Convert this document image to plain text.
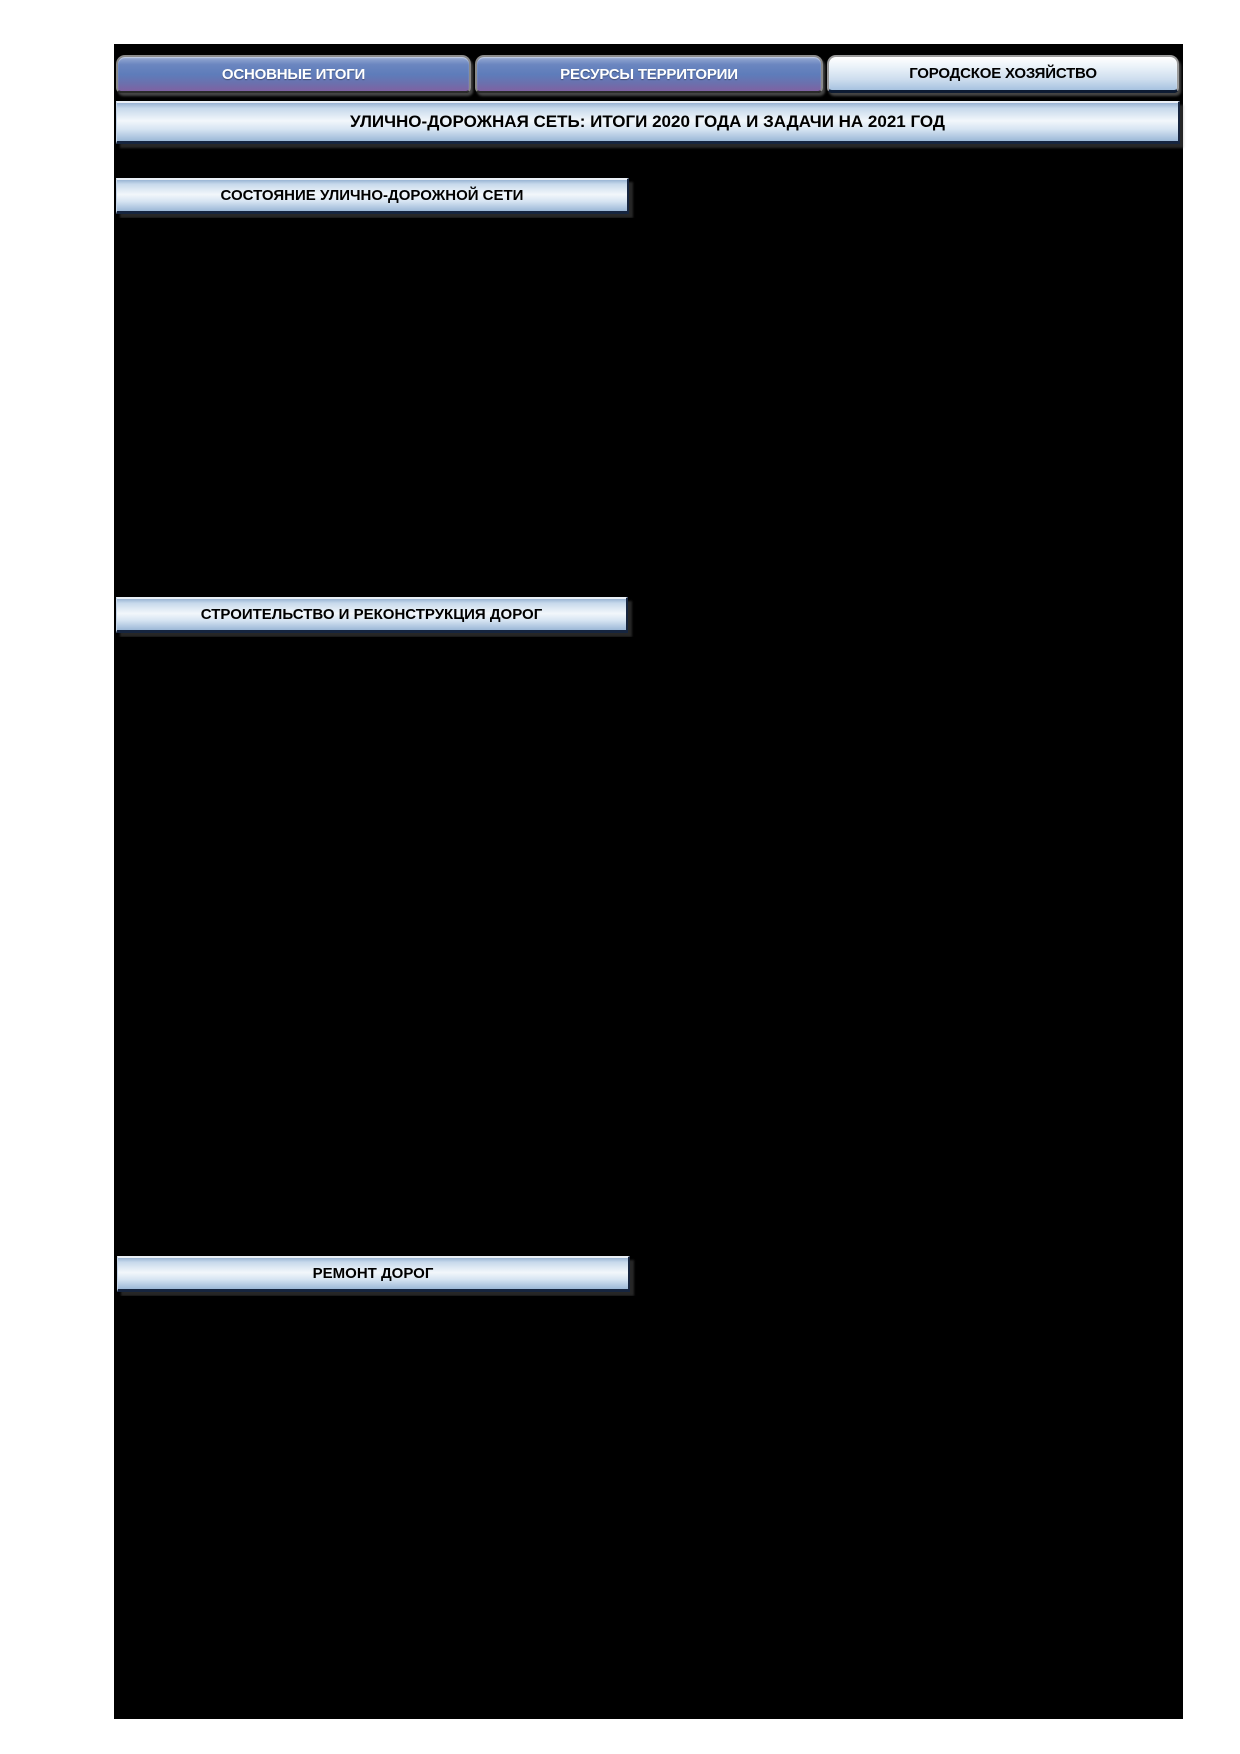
ОСНОВНЫЕ ИТОГИ	РЕСУРСЫ ТЕРРИТОРИИ	ГОРОДСКОЕ ХОЗЯЙСТВО
УЛИЧНО-ДОРОЖНАЯ СЕТЬ: ИТОГИ 2020 ГОДА И ЗАДАЧИ НА 2021 ГОД
СОСТОЯНИЕ УЛИЧНО-ДОРОЖНОЙ СЕТИ
СТРОИТЕЛЬСТВО И РЕКОНСТРУКЦИЯ ДОРОГ
РЕМОНТ ДОРОГ
